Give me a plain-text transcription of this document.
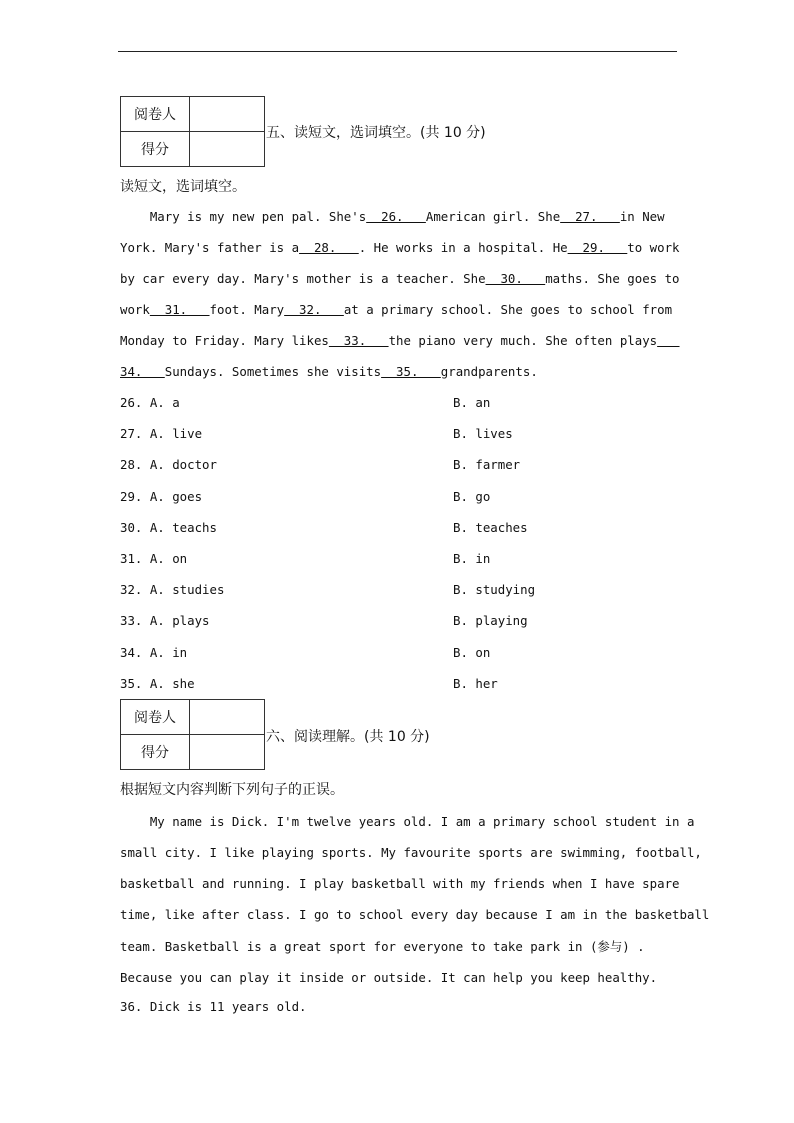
阅卷人	
得分	
五、读短文，选词填空。(共 10 分)
读短文，选词填空。
Mary is my new pen pal. She's  26.   American girl. She  27.   in New
York. Mary's father is a  28.   . He works in a hospital. He  29.   to work
by car every day. Mary's mother is a teacher. She  30.   maths. She goes to
work  31.   foot. Mary  32.   at a primary school. She goes to school from
Monday to Friday. Mary likes  33.   the piano very much. She often plays
34.   Sundays. Sometimes she visits  35.   grandparents.
26. A. a	B. an
27. A. live	B. lives
28. A. doctor	B. farmer
29. A. goes	B. go
30. A. teachs	B. teaches
31. A. on	B. in
32. A. studies	B. studying
33. A. plays	B. playing
34. A. in	B. on
35. A. she	B. her
阅卷人	
得分	
六、阅读理解。(共 10 分)
根据短文内容判断下列句子的正误。
My name is Dick. I'm twelve years old. I am a primary school student in a
small city. I like playing sports. My favourite sports are swimming, football,
basketball and running. I play basketball with my friends when I have spare
time, like after class. I go to school every day because I am in the basketball
team. Basketball is a great sport for everyone to take park in (参与) .
Because you can play it inside or outside. It can help you keep healthy.
36. Dick is 11 years old.
